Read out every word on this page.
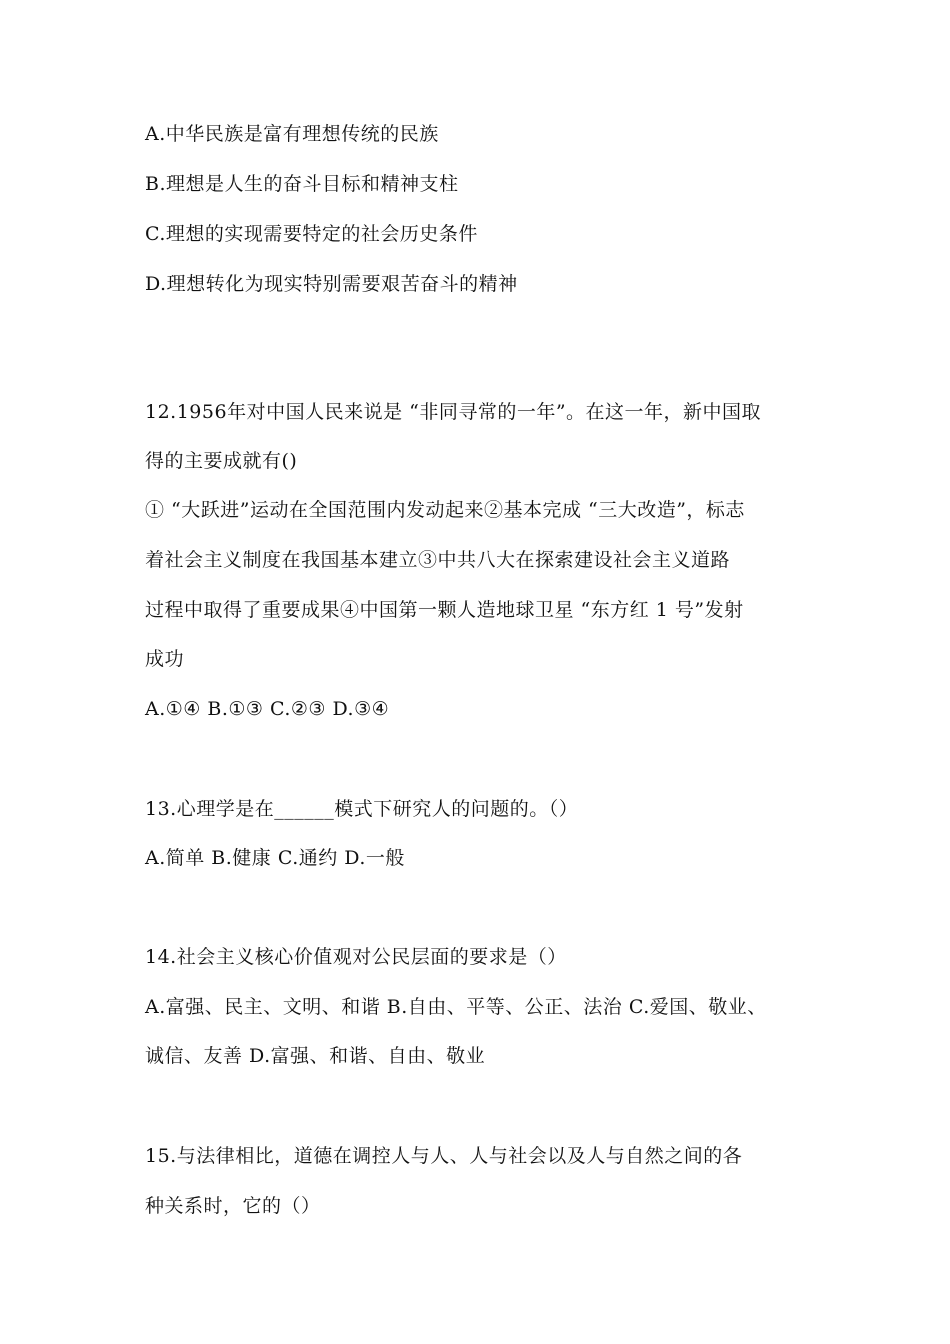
A.中华民族是富有理想传统的民族
B.理想是人生的奋斗目标和精神支柱
C.理想的实现需要特定的社会历史条件
D.理想转化为现实特别需要艰苦奋斗的精神
12.1956年对中国人民来说是 “非同寻常的一年”。在这一年，新中国取
得的主要成就有()
① “大跃进”运动在全国范围内发动起来②基本完成 “三大改造”，标志
着社会主义制度在我国基本建立③中共八大在探索建设社会主义道路
过程中取得了重要成果④中国第一颗人造地球卫星 “东方红 1 号”发射
成功
A.①④ B.①③ C.②③ D.③④
13.心理学是在______模式下研究人的问题的。（）
A.简单 B.健康 C.通约 D.一般
14.社会主义核心价值观对公民层面的要求是（）
A.富强、民主、文明、和谐 B.自由、平等、公正、法治 C.爱国、敬业、
诚信、友善 D.富强、和谐、自由、敬业
15.与法律相比，道德在调控人与人、人与社会以及人与自然之间的各
种关系时，它的（）
